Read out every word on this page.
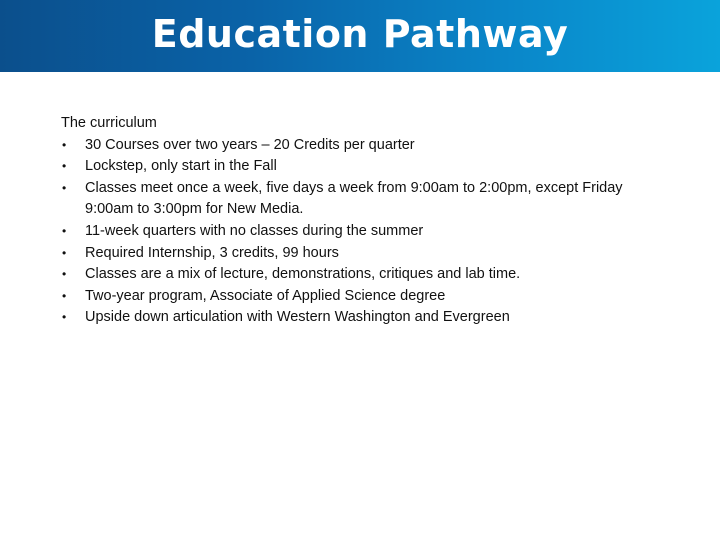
Education Pathway

The curriculum

• 30 Courses over two years – 20 Credits per quarter
• Lockstep, only start in the Fall
• Classes meet once a week, five days a week from 9:00am to 2:00pm, except Friday 9:00am to 3:00pm for New Media.
• 11-week quarters with no classes during the summer
• Required Internship, 3 credits, 99 hours
• Classes are a mix of lecture, demonstrations, critiques and lab time.
• Two-year program, Associate of Applied Science degree
• Upside down articulation with Western Washington and Evergreen
